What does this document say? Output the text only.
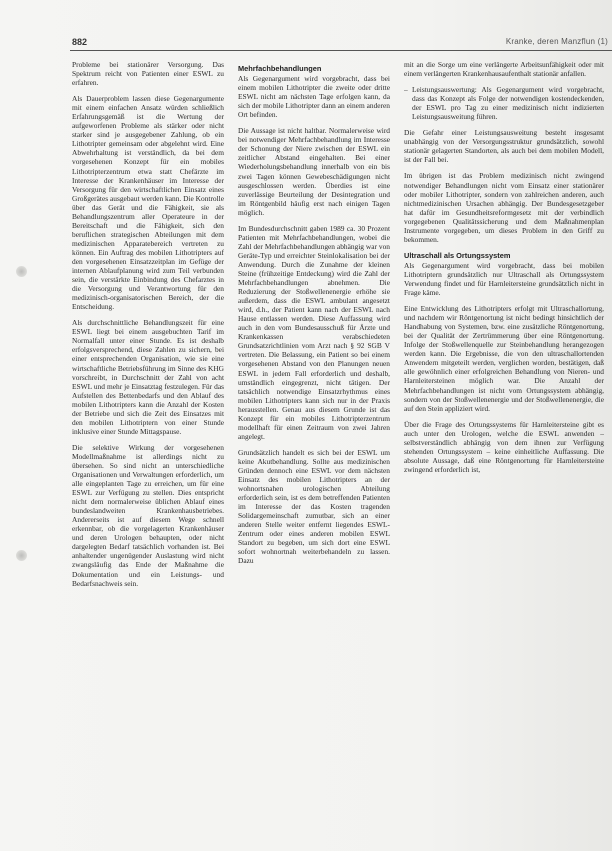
882	Kranke, deren Manzflun (1)

Probleme bei stationärer Versorgung. Das Spektrum reicht von Patienten einer ESWL zu erfahren.

Als Dauerproblem lassen diese Gegenargumente mit einem einfachen Ansatz würden schließlich Erfahrungsgemäß ist die Wertung der aufgeworfenen Probleme als stärker oder nicht starker sind je ausgegebener Zahlung, ob ein Lithotripter gemeinsam oder abgelehnt wird. Eine Abwehrhaltung ist verständlich, da bei dem vorgesehenen Konzept für ein mobiles Lithotripterzentrum etwa statt Chefärzte im Interesse der Krankenhäuser im Interesse der Versorgung für den wirtschaftlichen Einsatz eines Großgerätes ausgebaut werden kann. Die Kontrolle über das Gerät und die Fähigkeit, sie als Behandlungszentrum aller Operateure in der Bereitschaft und die Fähigkeit, sich den beruflichen strategischen Abteilungen mit dem medizinischen Apparatebereich vertreten zu können. Ein Auftrag des mobilen Lithotripters auf den vorgesehenen Einsatzzeitplan im Gefüge der internen Ablaufplanung wird zum Teil verbunden sein, die verstärkte Einbindung des Chefarztes in die Versorgung und Verantwortung für den medizinisch-organisatorischen Bereich, der die Entscheidung.

Als durchschnittliche Behandlungszeit für eine ESWL liegt bei einem ausgebuchten Tarif im Normalfall unter einer Stunde. Es ist deshalb erfolgsversprechend, diese Zahlen zu sichern, bei einer entsprechenden Organisation, wie sie eine wirtschaftliche Betriebsführung im Sinne des KHG vorschreibt, in Durchschnitt der Zahl von acht ESWL und mehr je Einsatztag festzulegen. Für das Aufstellen des Bettenbedarfs und den Ablauf des mobilen Lithotripters kann die Anzahl der Kosten der Betriebe und sich die Zeit des Einsatzes mit den mobilen Lithotriptern von einer Stunde inklusive einer Stunde Mittagspause.

Die selektive Wirkung der vorgesehenen Modellmaßnahme ist allerdings nicht zu übersehen. So sind nicht an unterschiedliche Organisationen und Verwaltungen erforderlich, um alle eingeplanten Tage zu erreichen, um für eine ESWL zur Verfügung zu stellen. Dies entspricht nicht dem normalerweise üblichen Ablauf eines bundeslandweiten Krankenhausbetriebes. Andererseits ist auf diesem Wege schnell erkennbar, ob die vorgelagerten Krankenhäuser und deren Urologen behaupten, oder nicht dargelegten Bedarf tatsächlich vorhanden ist. Bei anhaltender ungenügender Auslastung wird nicht zwangsläufig das Ende der Maßnahme die Dokumentation und ein Leistungs- und Bedarfsnachweis sein.

Mehrfachbehandlungen

Als Gegenargument wird vorgebracht, dass bei einem mobilen Lithotripter die zweite oder dritte ESWL nicht am nächsten Tage erfolgen kann, da sich der mobile Lithotripter dann an einem anderen Ort befinden.

Die Aussage ist nicht haltbar. Normalerweise wird bei notwendiger Mehrfachbehandlung im Interesse der Schonung der Niere zwischen der ESWL ein zeitlicher Abstand eingehalten. Bei einer Wiederholungsbehandlung innerhalb von ein bis zwei Tagen können Gewebeschädigungen nicht ausgeschlossen werden. Überdies ist eine zuverlässige Beurteilung der Desintegration und im Röntgenbild häufig erst nach einigen Tagen möglich.

Im Bundesdurchschnitt gaben 1989 ca. 30 Prozent Patienten mit Mehrfachbehandlungen, wobei die Zahl der Mehrfachbehandlungen abhängig war von Geräte-Typ und erreichter Steinlokalisation bei der Anwendung. Durch die Zunahme der kleinen Steine (frühzeitige Entdeckung) wird die Zahl der Mehrfachbehandlungen abnehmen. Die Reduzierung der Stoßwellenenergie erhöhe sie außerdem, dass die ESWL ambulant angesetzt wird, d.h., der Patient kann nach der ESWL nach Hause entlassen werden. Diese Auffassung wird auch in den vom Bundesausschuß für Ärzte und Krankenkassen verabschiedeten Grundsatzrichtlinien vom Arzt nach § 92 SGB V vertreten. Die Belassung, ein Patient so bei einem vorgesehenen Abstand von den Planungen neuen ESWL in jedem Fall erforderlich und deshalb, umständlich eingegrenzt, nicht tätigen. Der tatsächlich notwendige Einsatzrhythmus eines mobilen Lithotripters kann sich nur in der Praxis herausstellen. Genau aus diesem Grunde ist das Konzept für ein mobiles Lithotripterzentrum modellhaft für einen Zeitraum von zwei Jahren angelegt.

Grundsätzlich handelt es sich bei der ESWL um keine Akutbehandlung. Sollte aus medizinischen Gründen dennoch eine ESWL vor dem nächsten Einsatz des mobilen Lithotripters an der wohnortsnahen urologischen Abteilung erforderlich sein, ist es dem betreffenden Patienten im Interesse der das Kosten tragenden Solidargemeinschaft zumutbar, sich an einer anderen Stelle weiter entfernt liegendes ESWL-Zentrum oder eines anderen mobilen ESWL Standort zu begeben, um sich dort eine ESWL sofort wohnortnah weiterbehandeln zu lassen. Dazu

mit an die Sorge um eine verlängerte Arbeitsunfähigkeit oder mit einem verlängerten Krankenhausaufenthalt stationär anfallen.

– Leistungsauswertung: Als Gegenargument wird vorgebracht, dass das Konzept als Folge der notwendigen kostendeckenden, der ESWL pro Tag zu einer medizinisch nicht indizierten Leistungsausweitung führen.

Die Gefahr einer Leistungsausweitung besteht insgesamt unabhängig von der Versorgungsstruktur grundsätzlich, sowohl stationär gelagerten Standorten, als auch bei dem mobilen Modell, ist der Fall bei.

Im übrigen ist das Problem medizinisch nicht zwingend notwendiger Behandlungen nicht vom Einsatz einer stationärer oder mobiler Lithotripter, sondern von zahlreichen anderen, auch nichtmedizinischen Ursachen abhängig. Der Bundesgesetzgeber hat dafür im Gesundheitsreformgesetz mit der verbindlich vorgegebenen Qualitätssicherung und dem Maßnahmenplan Instrumente vorgegeben, um dieses Problem in den Griff zu bekommen.

Ultraschall als Ortungssystem

Als Gegenargument wird vorgebracht, dass bei mobilen Lithotriptern grundsätzlich nur Ultraschall als Ortungssystem Verwendung findet und für Harnleitersteine grundsätzlich nicht in Frage käme.

Eine Entwicklung des Lithotripters erfolgt mit Ultraschallortung, und nachdem wir Röntgenortung ist nicht bedingt hinsichtlich der Handhabung von Systemen, bzw. eine zusätzliche Röntgenortung, bei der Qualität der Zertrümmerung über eine Röntgenortung. Infolge der Stoßwellenquelle zur Steinbehandlung herangezogen werden kann. Die Ergebnisse, die von den ultraschallortenden Anwendern mitgeteilt werden, verglichen worden, bestätigen, daß alle gewöhnlich einer erfolgreichen Behandlung von Nieren- und Harnleitersteinen möglich war. Die Anzahl der Mehrfachbehandlungen ist nicht vom Ortungssystem abhängig, sondern von der Stoßwellenenergie und der Stoßwellenenergie, die auf den Stein appliziert wird.

Über die Frage des Ortungssystems für Harnleitersteine gibt es auch unter den Urologen, welche die ESWL anwenden – selbstverständlich abhängig von dem ihnen zur Verfügung stehenden Ortungssystem – keine einheitliche Auffassung. Die absolute Aussage, daß eine Röntgenortung für Harnleitersteine zwingend erforderlich ist,
